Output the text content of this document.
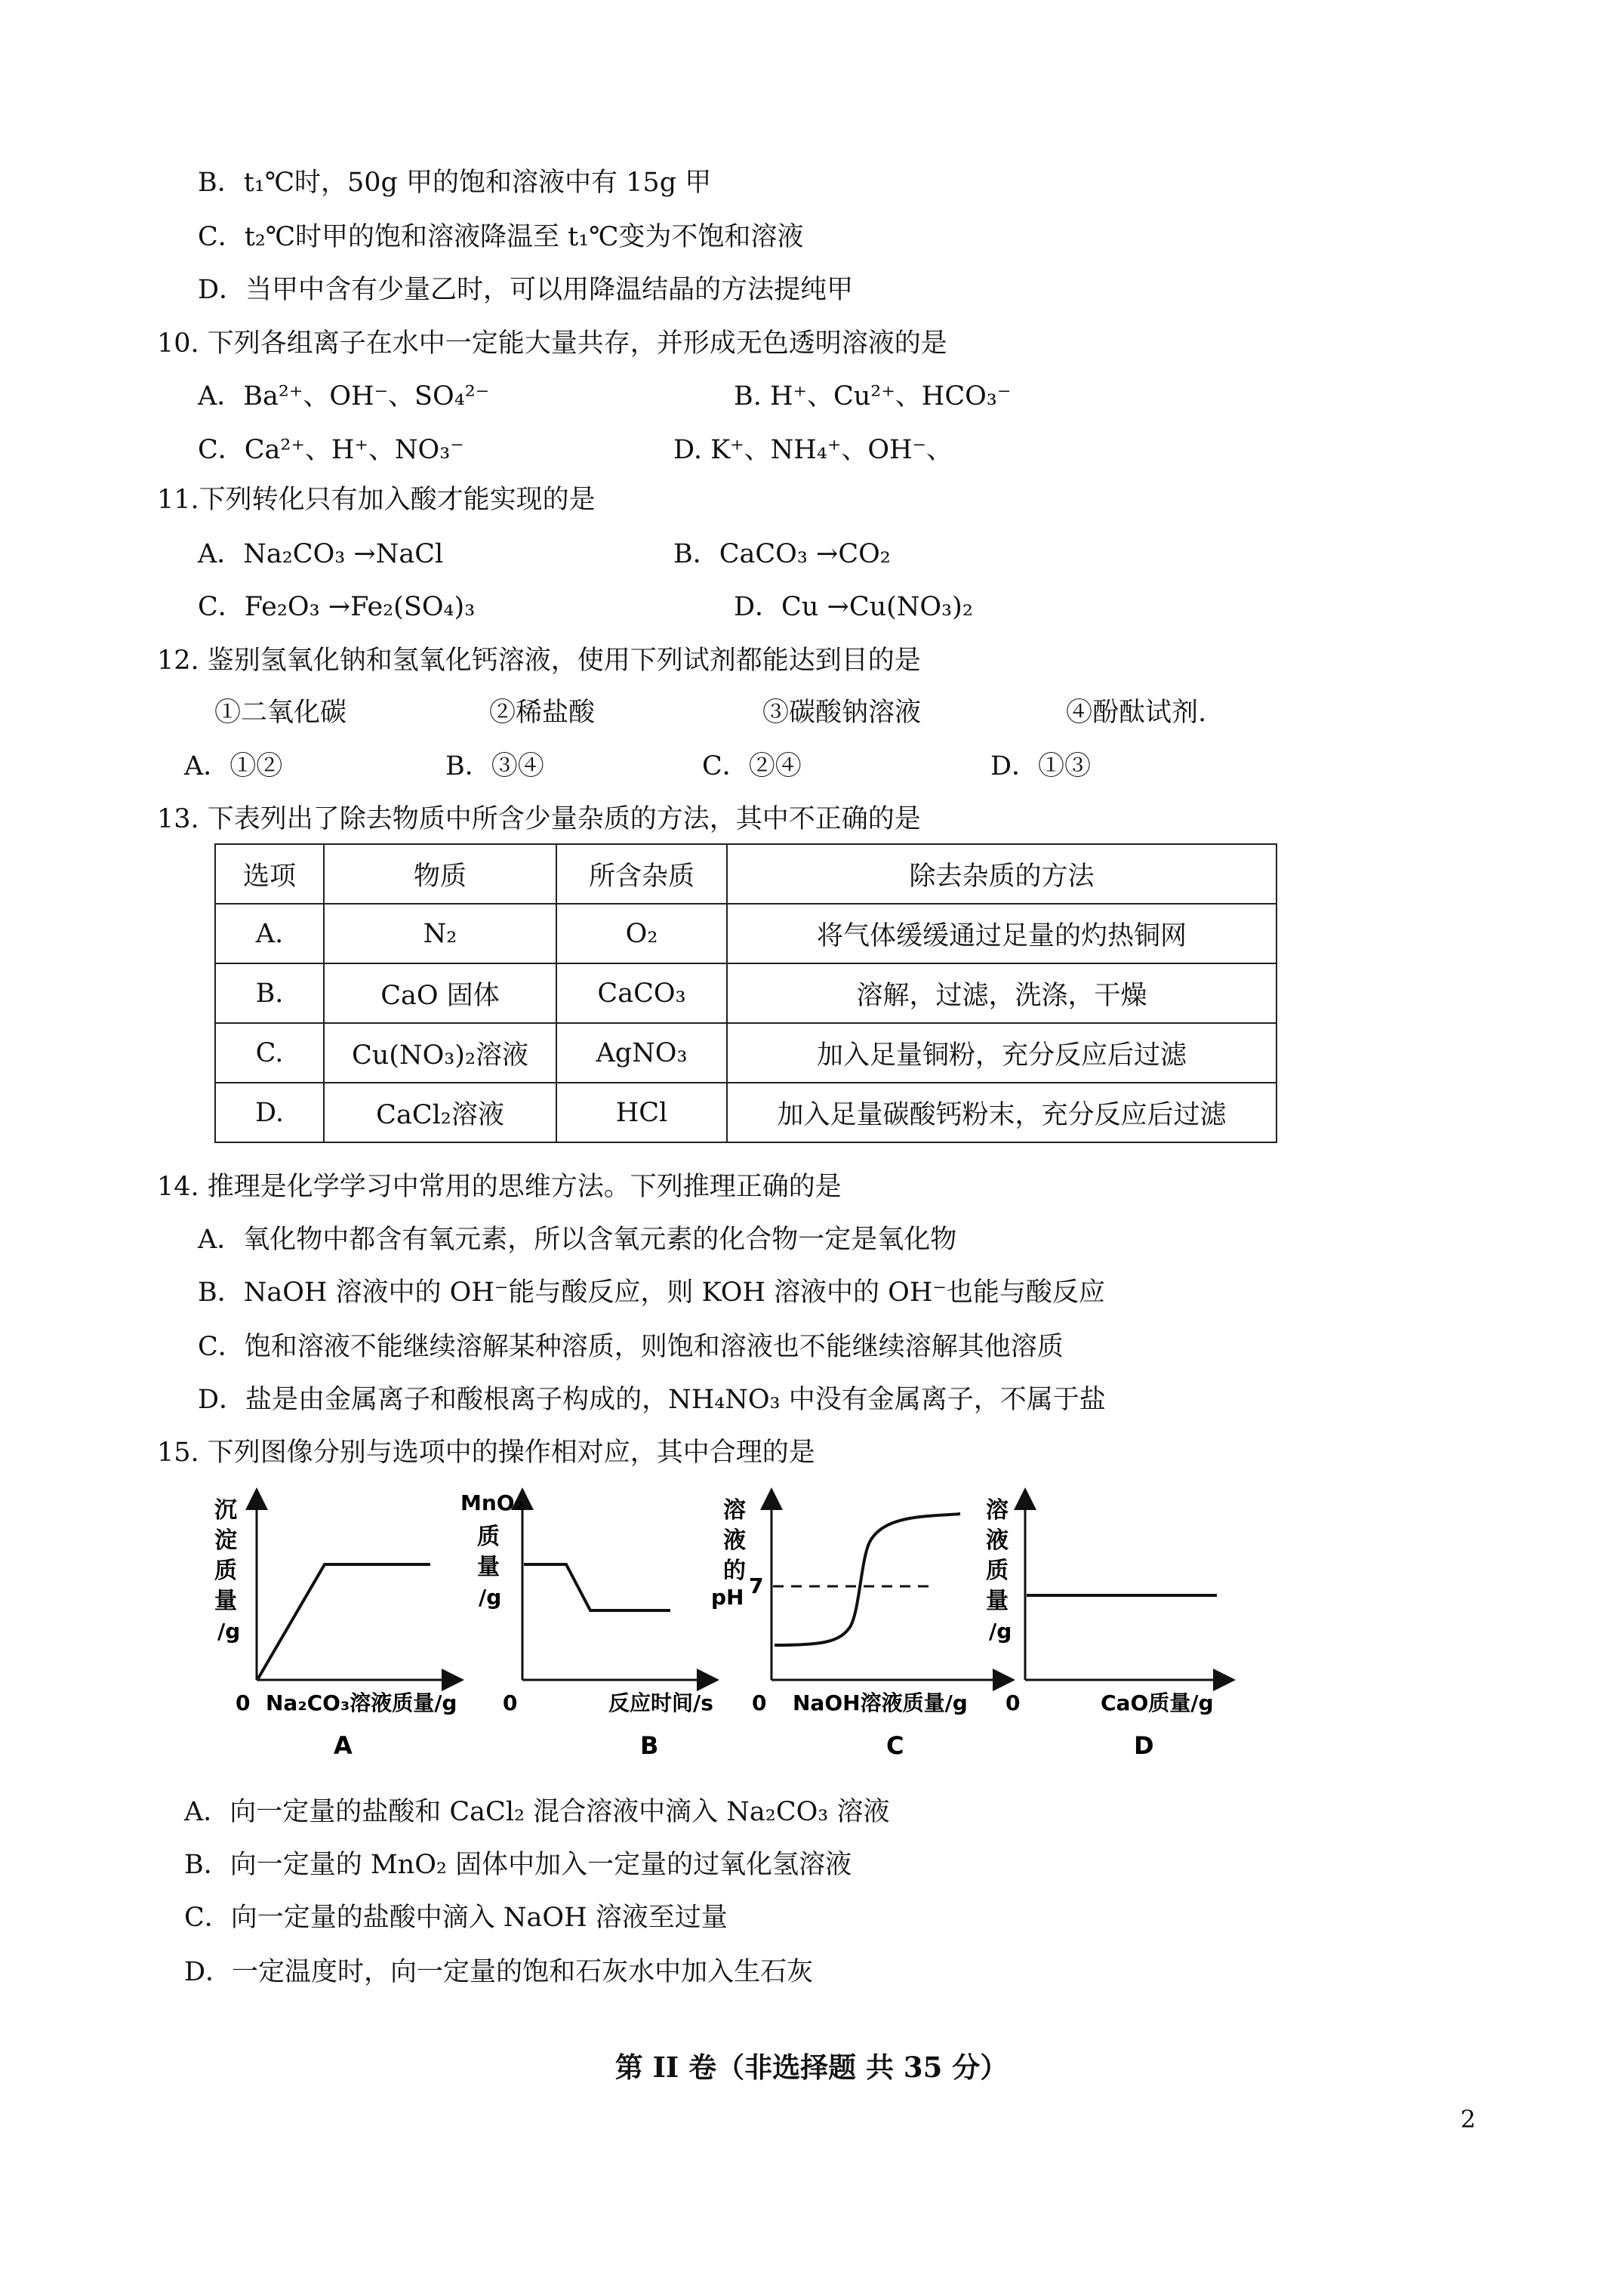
B．t₁℃时，50g 甲的饱和溶液中有 15g 甲
C．t₂℃时甲的饱和溶液降温至 t₁℃变为不饱和溶液
D．当甲中含有少量乙时，可以用降温结晶的方法提纯甲
10. 下列各组离子在水中一定能大量共存，并形成无色透明溶液的是
A．Ba²⁺、OH⁻、SO₄²⁻	B. H⁺、Cu²⁺、HCO₃⁻
C．Ca²⁺、H⁺、NO₃⁻	D. K⁺、NH₄⁺、OH⁻、
11.下列转化只有加入酸才能实现的是
A．Na₂CO₃ →NaCl	B．CaCO₃ →CO₂
C．Fe₂O₃ →Fe₂(SO₄)₃	D．Cu →Cu(NO₃)₂
12. 鉴别氢氧化钠和氢氧化钙溶液，使用下列试剂都能达到目的是
①二氧化碳	②稀盐酸	③碳酸钠溶液	④酚酞试剂.
A．①②	B．③④	C．②④	D．①③
13. 下表列出了除去物质中所含少量杂质的方法，其中不正确的是
选项	物质	所含杂质	除去杂质的方法
A.	N₂	O₂	将气体缓缓通过足量的灼热铜网
B.	CaO 固体	CaCO₃	溶解，过滤，洗涤，干燥
C.	Cu(NO₃)₂溶液	AgNO₃	加入足量铜粉，充分反应后过滤
D.	CaCl₂溶液	HCl	加入足量碳酸钙粉末，充分反应后过滤
14. 推理是化学学习中常用的思维方法。下列推理正确的是
A．氧化物中都含有氧元素，所以含氧元素的化合物一定是氧化物
B．NaOH 溶液中的 OH⁻能与酸反应，则 KOH 溶液中的 OH⁻也能与酸反应
C．饱和溶液不能继续溶解某种溶质，则饱和溶液也不能继续溶解其他溶质
D．盐是由金属离子和酸根离子构成的，NH₄NO₃ 中没有金属离子，不属于盐
15. 下列图像分别与选项中的操作相对应，其中合理的是
沉
淀
质
量
/g
0 Na₂CO₃溶液质量/g
A
MnO₂
质
量
/g
0	反应时间/s
B
溶
液
的
pH 7
0 NaOH溶液质量/g
C
溶
液
质
量
/g
0	CaO质量/g
D
A．向一定量的盐酸和 CaCl₂ 混合溶液中滴入 Na₂CO₃ 溶液
B．向一定量的 MnO₂ 固体中加入一定量的过氧化氢溶液
C．向一定量的盐酸中滴入 NaOH 溶液至过量
D．一定温度时，向一定量的饱和石灰水中加入生石灰
第 II 卷（非选择题 共 35 分）
2
